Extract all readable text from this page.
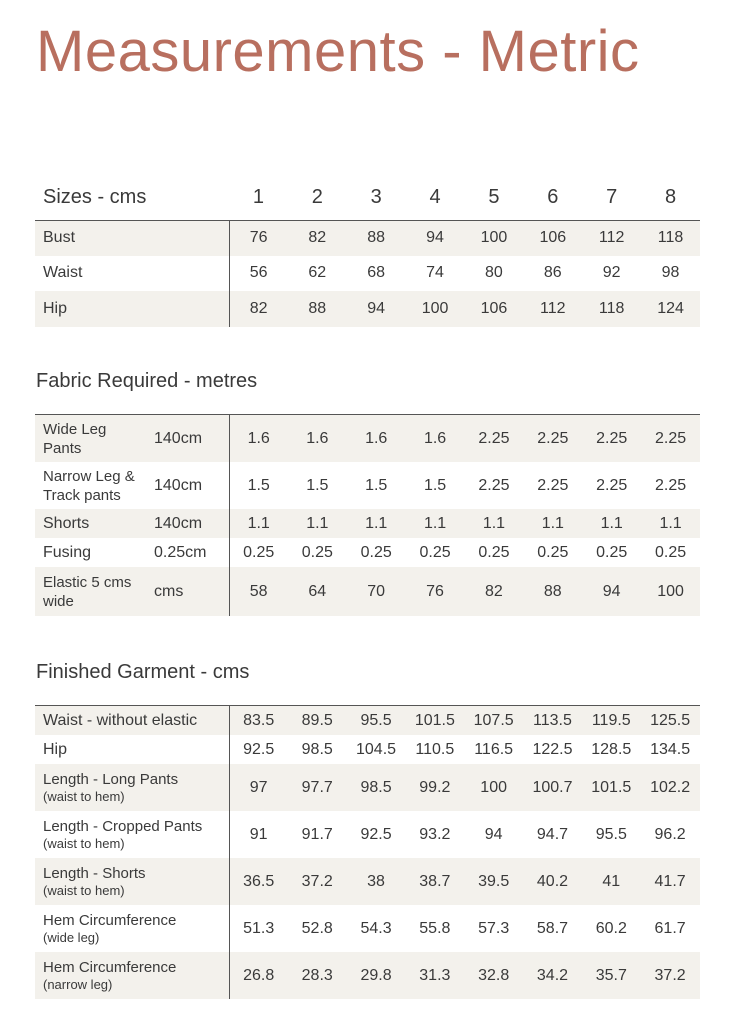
Measurements - Metric
Sizes - cms	1	2	3	4	5	6	7	8
Bust	76	82	88	94	100	106	112	118
Waist	56	62	68	74	80	86	92	98
Hip	82	88	94	100	106	112	118	124
Fabric Required - metres
Wide Leg Pants	140cm	1.6	1.6	1.6	1.6	2.25	2.25	2.25	2.25
Narrow Leg & Track pants	140cm	1.5	1.5	1.5	1.5	2.25	2.25	2.25	2.25
Shorts	140cm	1.1	1.1	1.1	1.1	1.1	1.1	1.1	1.1
Fusing	0.25cm	0.25	0.25	0.25	0.25	0.25	0.25	0.25	0.25
Elastic 5 cms wide	cms	58	64	70	76	82	88	94	100
Finished Garment - cms
Waist - without elastic	83.5	89.5	95.5	101.5	107.5	113.5	119.5	125.5
Hip	92.5	98.5	104.5	110.5	116.5	122.5	128.5	134.5

Length - Long Pants
(waist to hem)	97	97.7	98.5	99.2	100	100.7	101.5	102.2

Length - Cropped Pants
(waist to hem)	91	91.7	92.5	93.2	94	94.7	95.5	96.2

Length - Shorts
(waist to hem)	36.5	37.2	38	38.7	39.5	40.2	41	41.7

Hem Circumference
(wide leg)	51.3	52.8	54.3	55.8	57.3	58.7	60.2	61.7

Hem Circumference
(narrow leg)	26.8	28.3	29.8	31.3	32.8	34.2	35.7	37.2
